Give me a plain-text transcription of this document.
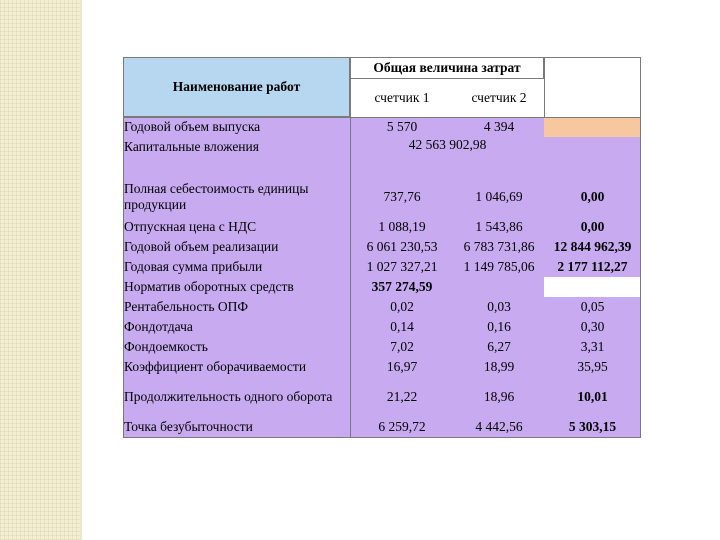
Наименование работ
Общая величина затрат
счетчик 1	счетчик 2
Годовой объем выпуска	5 570	4 394
Капитальные вложения	42 563 902,98
Полная себестоимость единицы продукции
737,76	1 046,69	0,00
Отпускная цена с НДС	1 088,19	1 543,86	0,00
Годовой объем реализации	6 061 230,53	6 783 731,86	12 844 962,39
Годовая сумма прибыли	1 027 327,21	1 149 785,06	2 177 112,27
Норматив оборотных средств	357 274,59
Рентабельность ОПФ	0,02	0,03	0,05
Фондотдача	0,14	0,16	0,30
Фондоемкость	7,02	6,27	3,31
Коэффициент оборачиваемости	16,97	18,99	35,95
Продолжительность одного оборота	21,22	18,96	10,01
Точка безубыточности	6 259,72	4 442,56	5 303,15
